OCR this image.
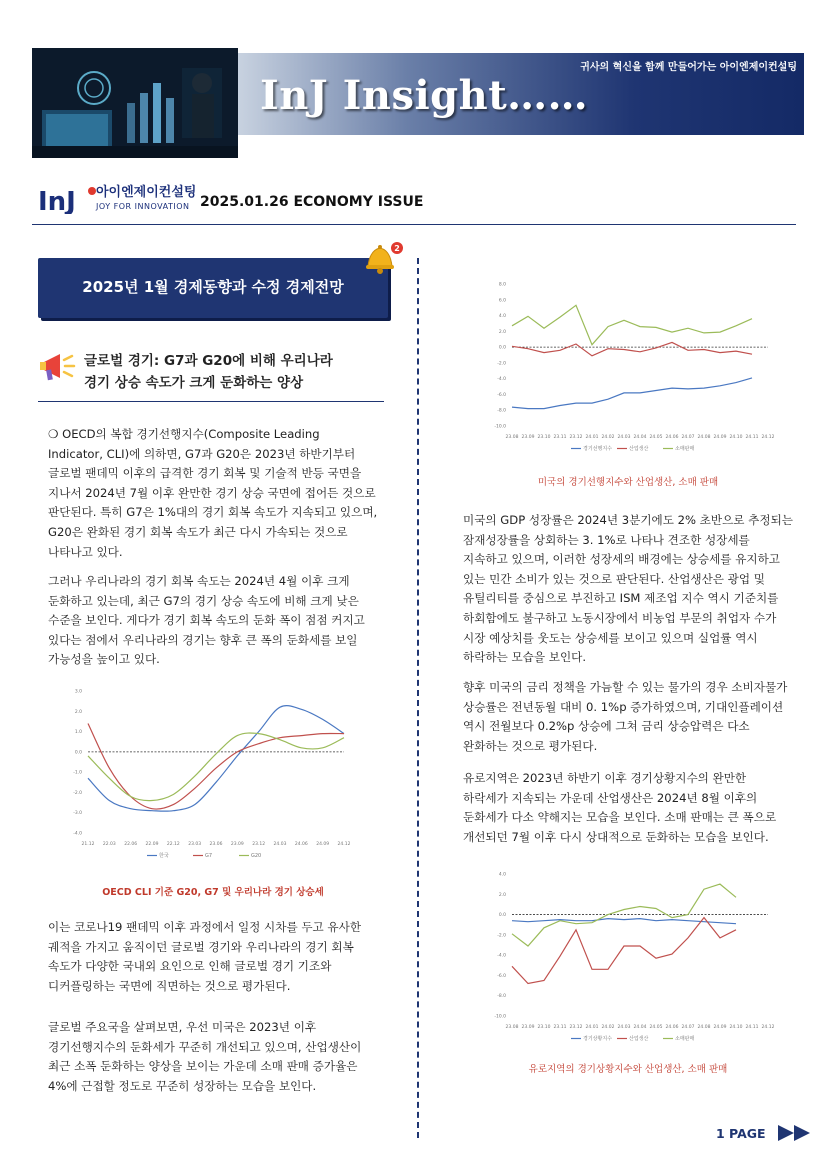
InJ Insight……
귀사의 혁신을 함께 만들어가는 아이엔제이컨설팅
InJ 아이엔제이컨설팅
JOY FOR INNOVATION 2025.01.26 ECONOMY ISSUE
2025년 1월 경제동향과 수정 경제전망
2
글로벌 경기: G7과 G20에 비해 우리나라
경기 상승 속도가 크게 둔화하는 양상
❍ OECD의 복합 경기선행지수(Composite Leading Indicator, CLI)에 의하면, G7과 G20은 2023년 하반기부터 글로벌 팬데믹 이후의 급격한 경기 회복 및 기술적 반등 국면을 지나서 2024년 7월 이후 완만한 경기 상승 국면에 접어든 것으로 판단된다. 특히 G7은 1%대의 경기 회복 속도가 지속되고 있으며, G20은 완화된 경기 회복 속도가 최근 다시 가속되는 것으로 나타나고 있다.
그러나 우리나라의 경기 회복 속도는 2024년 4월 이후 크게 둔화하고 있는데, 최근 G7의 경기 상승 속도에 비해 크게 낮은 수준을 보인다. 게다가 경기 회복 속도의 둔화 폭이 점점 커지고 있다는 점에서 우리나라의 경기는 향후 큰 폭의 둔화세를 보일 가능성을 높이고 있다.
3.0
2.0
1.0
0.0
-1.0
-2.0
-3.0
-4.0
21.12 22.03 22.06 22.09 22.12 23.03 23.06 23.09 23.12 24.03 24.06 24.09 24.12
한국	G7	G20
OECD CLI 기준 G20, G7 및 우리나라 경기 상승세
이는 코로나19 팬데믹 이후 과정에서 일정 시차를 두고 유사한 궤적을 가지고 움직이던 글로벌 경기와 우리나라의 경기 회복 속도가 다양한 국내외 요인으로 인해 글로벌 경기 기조와 디커플링하는 국면에 직면하는 것으로 평가된다.
글로벌 주요국을 살펴보면, 우선 미국은 2023년 이후 경기선행지수의 둔화세가 꾸준히 개선되고 있으며, 산업생산이 최근 소폭 둔화하는 양상을 보이는 가운데 소매 판매 증가율은 4%에 근접할 정도로 꾸준히 성장하는 모습을 보인다.
8.0
6.0
4.0
2.0
0.0
-2.0
-4.0
-6.0
-8.0
-10.0
23.08 23.09 23.10 23.11 23.12 24.01 24.02 24.03 24.04 24.05 24.06 24.07 24.08 24.09 24.10 24.11 24.12
경기선행지수	산업생산	소매판매
미국의 경기선행지수와 산업생산, 소매 판매
미국의 GDP 성장률은 2024년 3분기에도 2% 초반으로 추정되는 잠재성장률을 상회하는 3. 1%로 나타나 견조한 성장세를 지속하고 있으며, 이러한 성장세의 배경에는 상승세를 유지하고 있는 민간 소비가 있는 것으로 판단된다. 산업생산은 광업 및 유틸리티를 중심으로 부진하고 ISM 제조업 지수 역시 기준치를 하회함에도 불구하고 노동시장에서 비농업 부문의 취업자 수가 시장 예상치를 웃도는 상승세를 보이고 있으며 실업률 역시 하락하는 모습을 보인다.
향후 미국의 금리 정책을 가늠할 수 있는 물가의 경우 소비자물가 상승률은 전년동월 대비 0. 1%p 증가하였으며, 기대인플레이션 역시 전월보다 0.2%p 상승에 그쳐 금리 상승압력은 다소 완화하는 것으로 평가된다.
유로지역은 2023년 하반기 이후 경기상황지수의 완만한 하락세가 지속되는 가운데 산업생산은 2024년 8월 이후의 둔화세가 다소 약해지는 모습을 보인다. 소매 판매는 큰 폭으로 개선되던 7월 이후 다시 상대적으로 둔화하는 모습을 보인다.
4.0
2.0
0.0
-2.0
-4.0
-6.0
-8.0
-10.0
23.08 23.09 23.10 23.11 23.12 24.01 24.02 24.03 24.04 24.05 24.06 24.07 24.08 24.09 24.10 24.11 24.12
경기상황지수	산업생산	소매판매
유로지역의 경기상황지수와 산업생산, 소매 판매
1 PAGE
